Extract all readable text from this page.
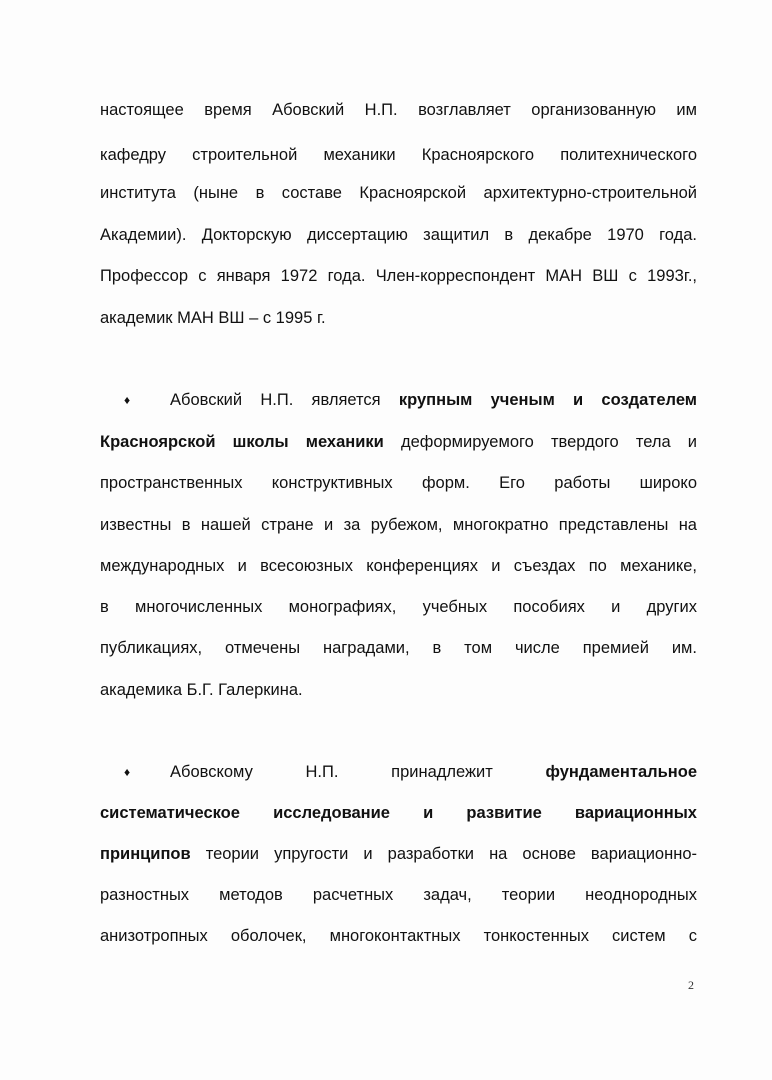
настоящее время Абовский Н.П. возглавляет организованную им
кафедру строительной механики Красноярского политехнического
института (ныне в составе Красноярской архитектурно-строительной
Академии). Докторскую диссертацию защитил в декабре 1970 года.
Профессор с января 1972 года. Член-корреспондент МАН ВШ с 1993г.,
академик МАН ВШ – с 1995 г.
♦ Абовский Н.П. является крупным ученым и создателем
Красноярской школы механики деформируемого твердого тела и
пространственных конструктивных форм. Его работы широко
известны в нашей стране и за рубежом, многократно представлены на
международных и всесоюзных конференциях и съездах по механике,
в многочисленных монографиях, учебных пособиях и других
публикациях, отмечены наградами, в том числе премией им.
академика Б.Г. Галеркина.
♦ Абовскому Н.П. принадлежит фундаментальное
систематическое исследование и развитие вариационных
принципов теории упругости и разработки на основе вариационно-
разностных методов расчетных задач, теории неоднородных
анизотропных оболочек, многоконтактных тонкостенных систем с
2
